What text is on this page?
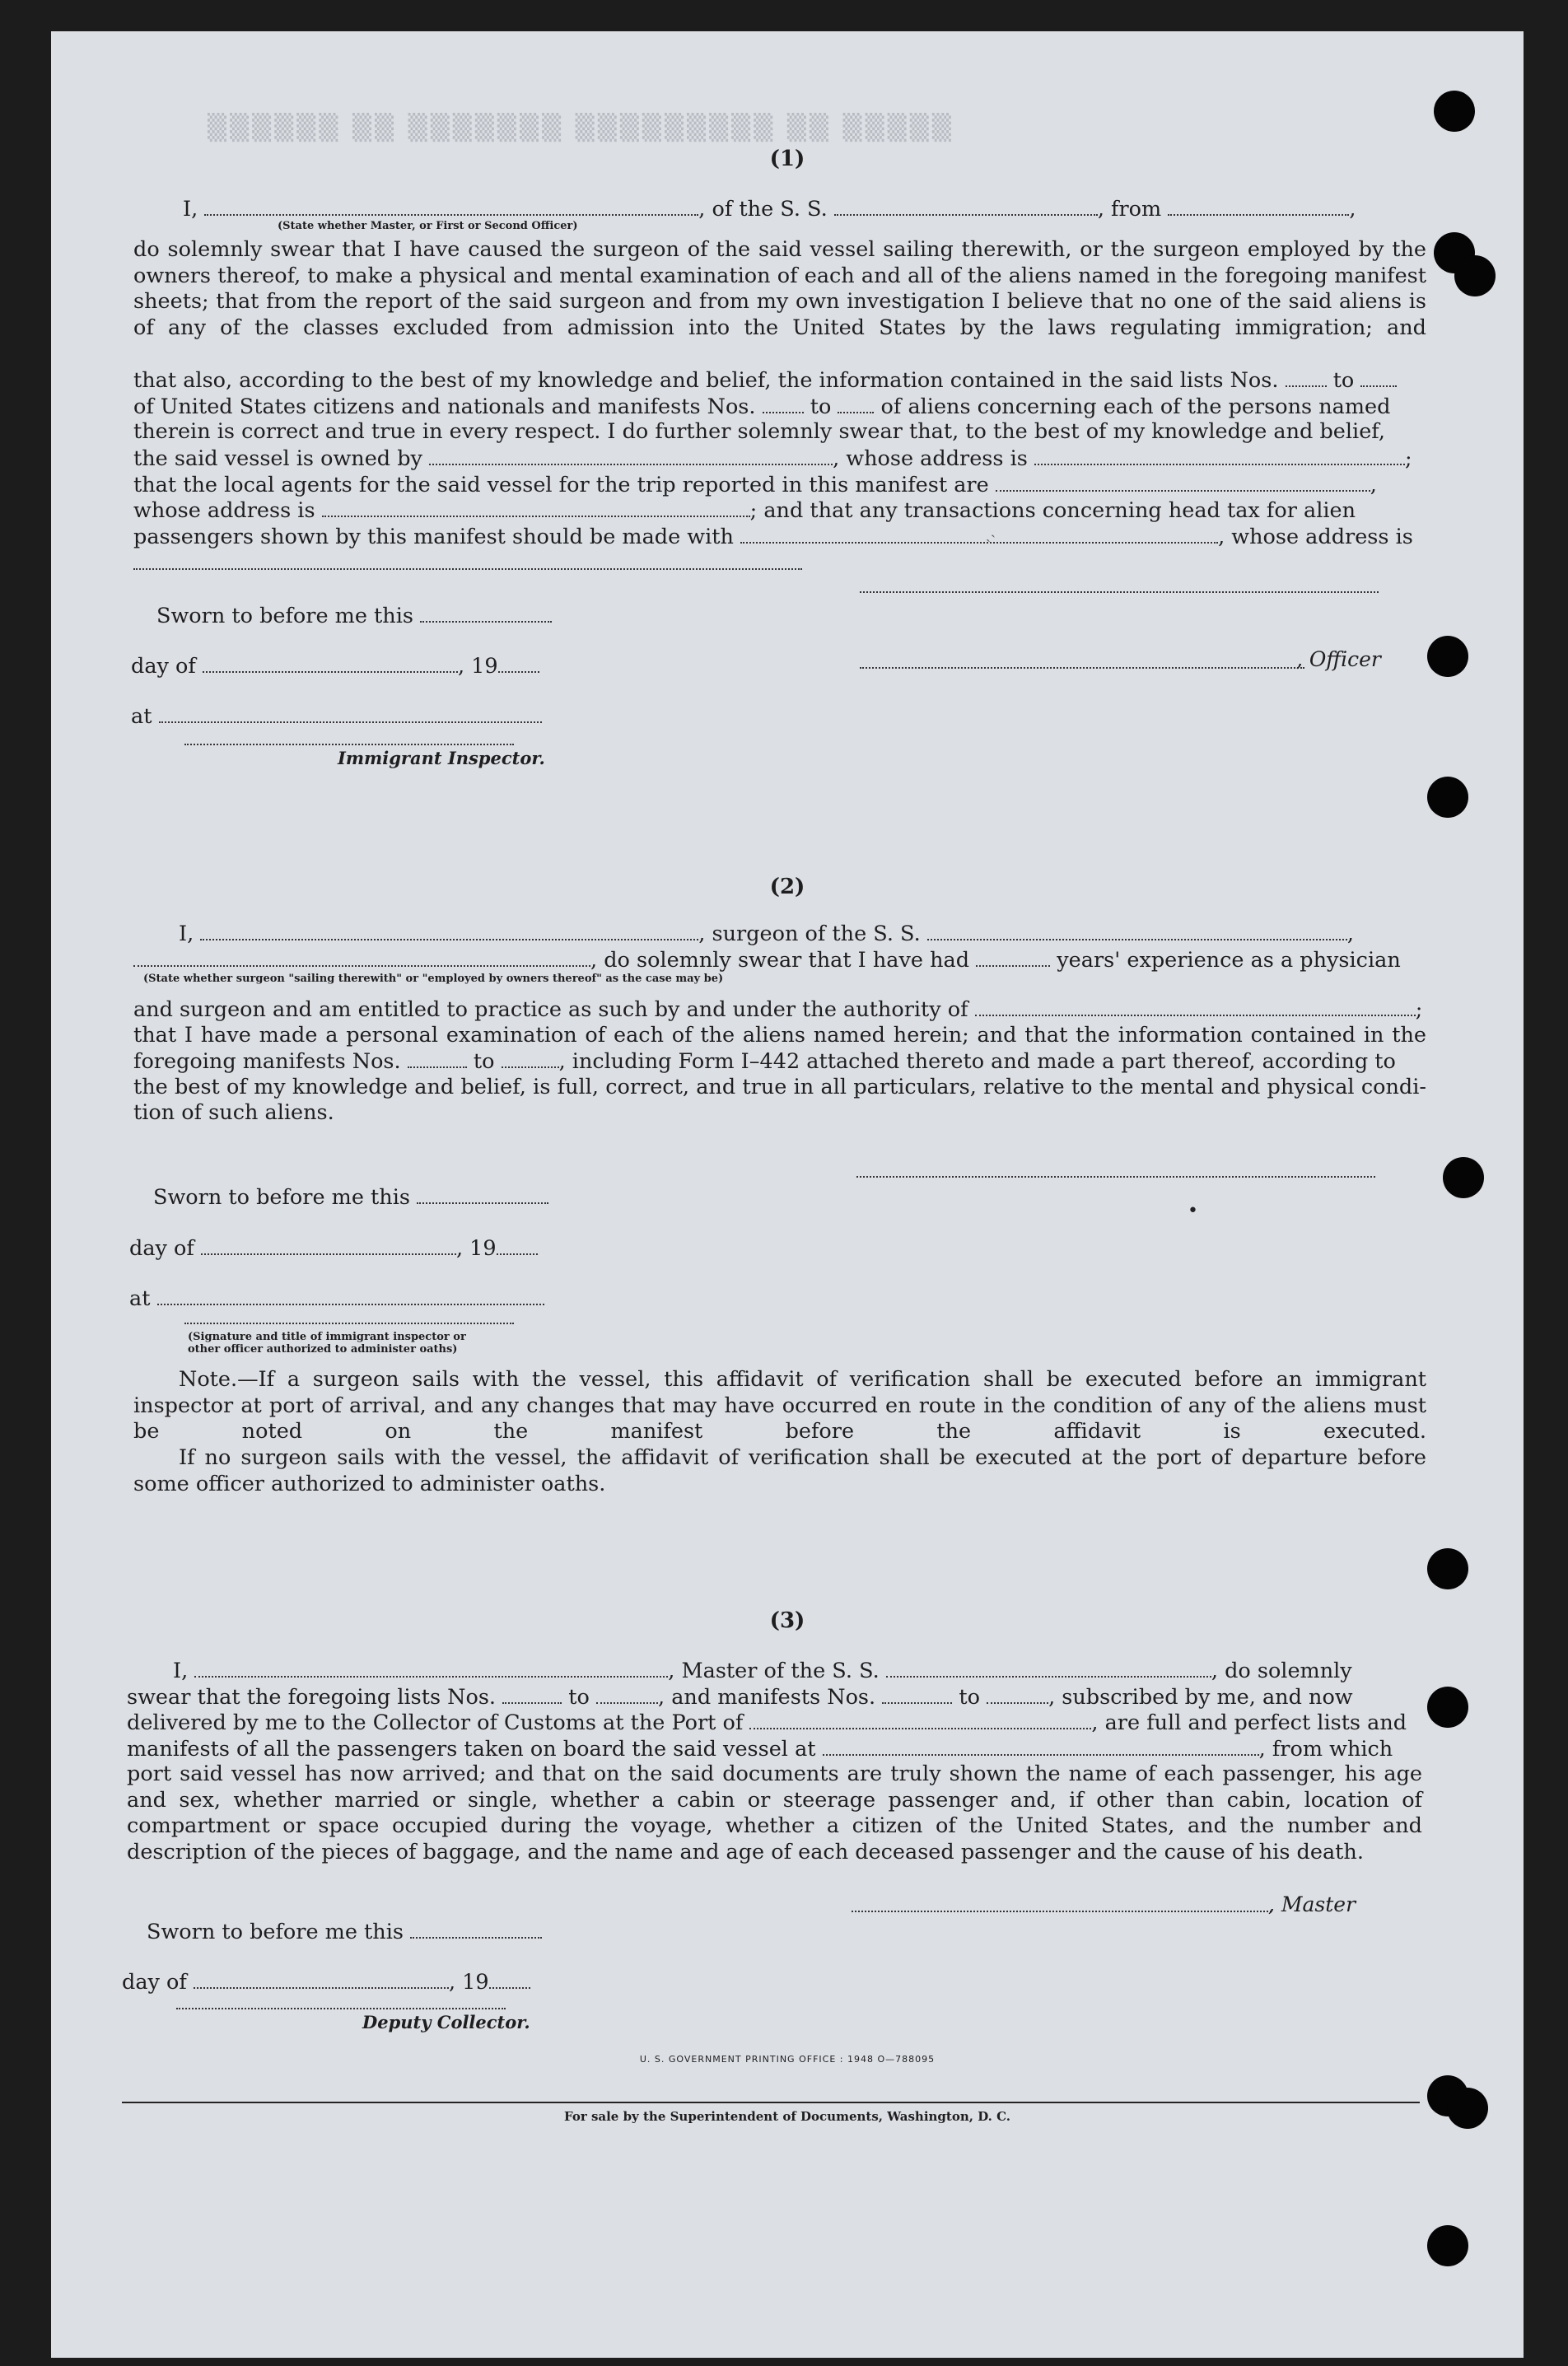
▒▒▒▒▒▒ ▒▒ ▒▒▒▒▒▒▒ ▒▒▒▒▒▒▒▒▒ ▒▒ ▒▒▒▒▒
(1)
I,	, of the S. S.	, from	,
(State whether Master, or First or Second Officer)
do solemnly swear that I have caused the surgeon of the said vessel sailing therewith, or the surgeon employed by the owners thereof, to make a physical and mental examination of each and all of the aliens named in the foregoing manifest sheets; that from the report of the said surgeon and from my own investigation I believe that no one of the said aliens is of any of the classes excluded from admission into the United States by the laws regulating immigration; and
that also, according to the best of my knowledge and belief, the information contained in the said lists Nos.	to
of United States citizens and nationals and manifests Nos.	to of aliens concerning each of the persons named
therein is correct and true in every respect. I do further solemnly swear that, to the best of my knowledge and belief,
the said vessel is owned by	, whose address is	;
that the local agents for the said vessel for the trip reported in this manifest are	,
whose address is	; and that any transactions concerning head tax for alien
passengers shown by this manifest should be made with	, whose address is
Sworn to before me this
day of	, 19
at
Immigrant Inspector.
, Officer
(2)
I,	, surgeon of the S. S.	,
, do solemnly swear that I have had	years' experience as a physician
(State whether surgeon "sailing therewith" or "employed by owners thereof" as the case may be)
and surgeon and am entitled to practice as such by and under the authority of	;
that I have made a personal examination of each of the aliens named herein; and that the information contained in the
foregoing manifests Nos.	to	, including Form I–442 attached thereto and made a part thereof, according to
the best of my knowledge and belief, is full, correct, and true in all particulars, relative to the mental and physical condi-
tion of such aliens.
Sworn to before me this
day of	, 19
at
(Signature and title of immigrant inspector or
other officer authorized to administer oaths)
Note.—If a surgeon sails with the vessel, this affidavit of verification shall be executed before an immigrant inspector at port of arrival, and any changes that may have occurred en route in the condition of any of the aliens must be noted on the manifest before the affidavit is executed.
If no surgeon sails with the vessel, the affidavit of verification shall be executed at the port of departure before some officer authorized to administer oaths.
(3)
I,	, Master of the S. S.	, do solemnly
swear that the foregoing lists Nos.	to	, and manifests Nos.	to	, subscribed by me, and now
delivered by me to the Collector of Customs at the Port of	, are full and perfect lists and
manifests of all the passengers taken on board the said vessel at	, from which
port said vessel has now arrived; and that on the said documents are truly shown the name of each passenger, his age and sex, whether married or single, whether a cabin or steerage passenger and, if other than cabin, location of compartment or space occupied during the voyage, whether a citizen of the United States, and the number and description of the pieces of baggage, and the name and age of each deceased passenger and the cause of his death.
Sworn to before me this
day of	, 19
Deputy Collector.
, Master
U. S. GOVERNMENT PRINTING OFFICE : 1948 O—788095
For sale by the Superintendent of Documents, Washington, D. C.
ˎ˴
•
